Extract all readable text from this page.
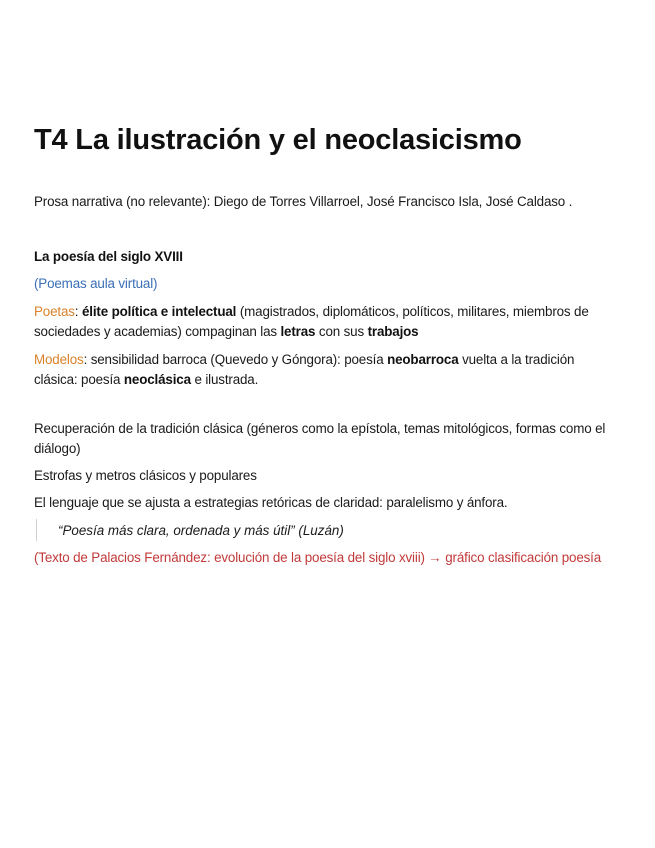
T4 La ilustración y el neoclasicismo

Prosa narrativa (no relevante): Diego de Torres Villarroel, José Francisco Isla, José Caldaso .

La poesía del siglo XVIII

(Poemas aula virtual)

Poetas: élite política e intelectual (magistrados, diplomáticos, políticos, militares, miembros de sociedades y academias) compaginan las letras con sus trabajos

Modelos: sensibilidad barroca (Quevedo y Góngora): poesía neobarroca vuelta a la tradición clásica: poesía neoclásica e ilustrada.

Recuperación de la tradición clásica (géneros como la epístola, temas mitológicos, formas como el diálogo)

Estrofas y metros clásicos y populares

El lenguaje que se ajusta a estrategias retóricas de claridad: paralelismo y ánfora.

“Poesía más clara, ordenada y más útil” (Luzán)

(Texto de Palacios Fernández: evolución de la poesía del siglo xviii) → gráfico clasificación poesía
